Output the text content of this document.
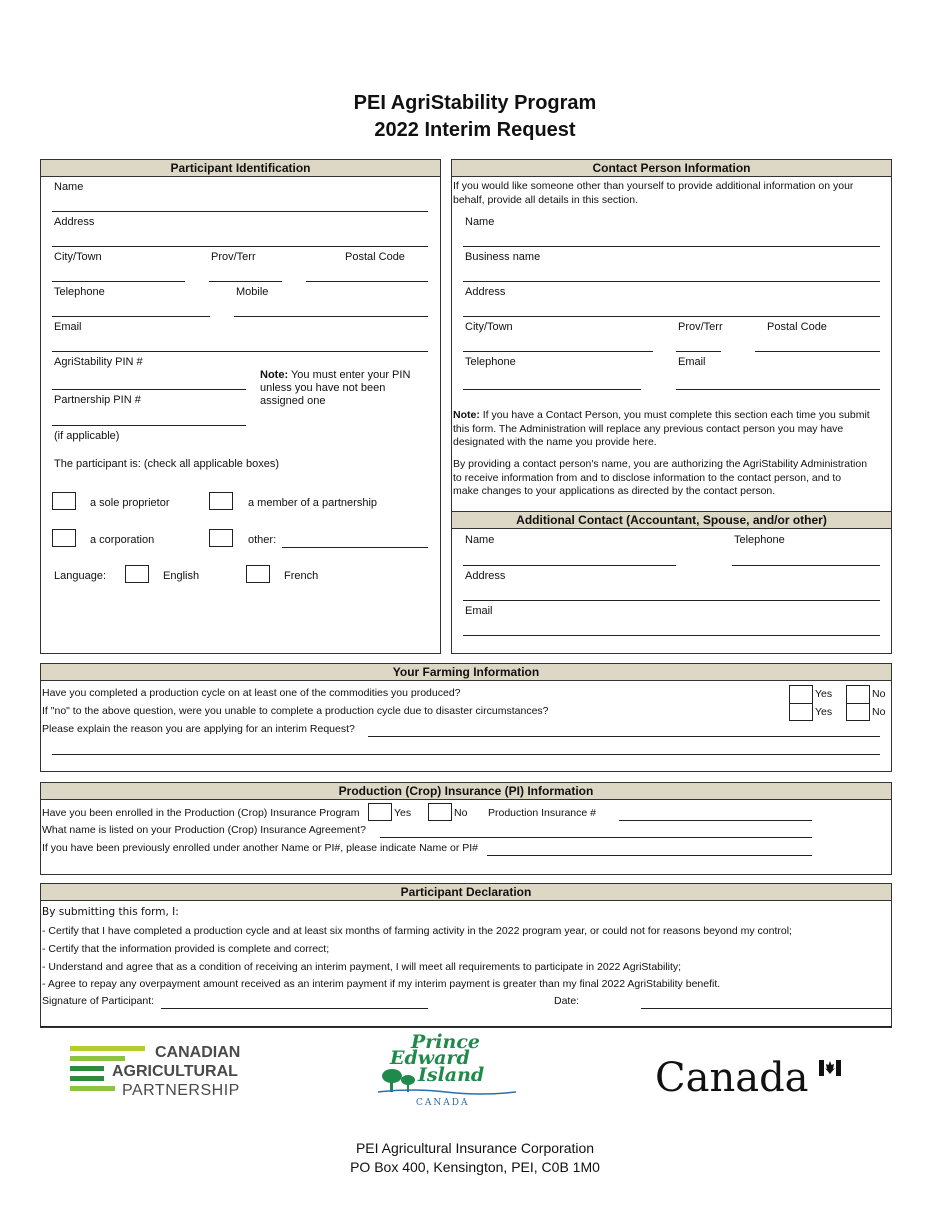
PEI AgriStability Program
2022 Interim Request
Participant Identification
Name
Address
City/Town	Prov/Terr	Postal Code
Telephone	Mobile
Email
AgriStability PIN #
Note: You must enter your PIN
unless you have not been
assigned one
Partnership PIN #
(if applicable)
The participant is: (check all applicable boxes)
a sole proprietor	a member of a partnership
a corporation	other:
Language:	English	French
Contact Person Information
If you would like someone other than yourself to provide additional information on your
behalf, provide all details in this section.
Name
Business name
Address
City/Town	Prov/Terr	Postal Code
Telephone	Email
Note: If you have a Contact Person, you must complete this section each time you submit
this form. The Administration will replace any previous contact person you may have
designated with the name you provide here.
By providing a contact person's name, you are authorizing the AgriStability Administration
to receive information from and to disclose information to the contact person, and to
make changes to your applications as directed by the contact person.
Additional Contact (Accountant, Spouse, and/or other)
Name	Telephone
Address
Email
Your Farming Information
Have you completed a production cycle on at least one of the commodities you produced?	Yes	No
If "no" to the above question, were you unable to complete a production cycle due to disaster circumstances?	Yes	No
Please explain the reason you are applying for an interim Request?
Production (Crop) Insurance (PI) Information
Have you been enrolled in the Production (Crop) Insurance Program	Yes	No Production Insurance #
What name is listed on your Production (Crop) Insurance Agreement?
If you have been previously enrolled under another Name or PI#, please indicate Name or PI#
Participant Declaration
By submitting this form, I:
- Certify that I have completed a production cycle and at least six months of farming activity in the 2022 program year, or could not for reasons beyond my control;
- Certify that the information provided is complete and correct;
- Understand and agree that as a condition of receiving an interim payment, I will meet all requirements to participate in 2022 AgriStability;
- Agree to repay any overpayment amount received as an interim payment if my interim payment is greater than my final 2022 AgriStability benefit.
Signature of Participant:	Date:
CANADIAN
AGRICULTURAL
PARTNERSHIP
Prince
Edward
Island
CANADA
Canada
PEI Agricultural Insurance Corporation
PO Box 400, Kensington, PEI, C0B 1M0
